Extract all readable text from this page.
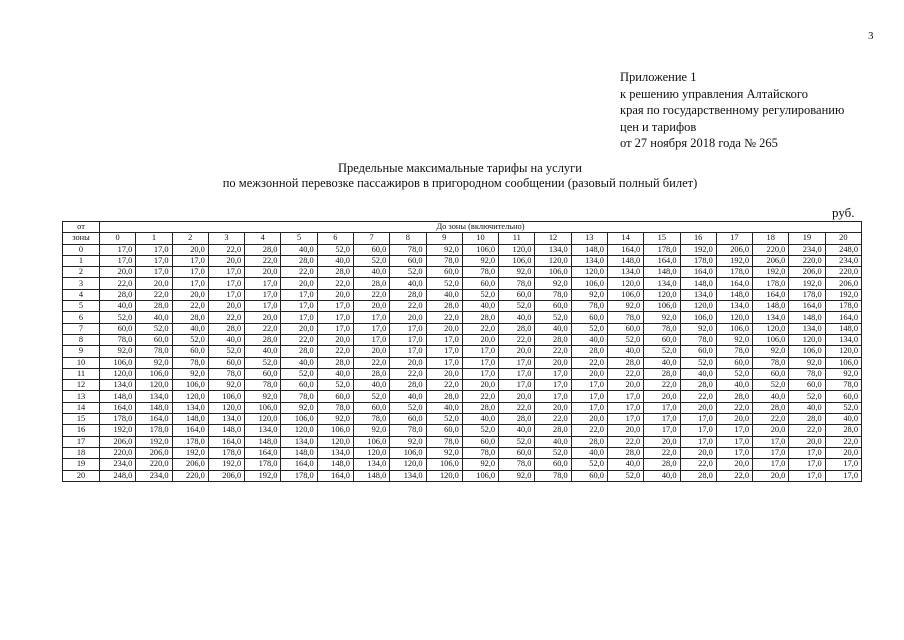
3
Приложение 1
к решению управления Алтайского
края по государственному регулированию
цен и тарифов
от 27 ноября 2018 года № 265
Предельные максимальные тарифы на услуги
по межзонной перевозке пассажиров в пригородном сообщении (разовый полный билет)
руб.
от	До зоны (включительно)																				
зоны	0	1	2	3	4	5	6	7	8	9	10	11	12	13	14	15	16	17	18	19	20
0	17,0	17,0	20,0	22,0	28,0	40,0	52,0	60,0	78,0	92,0	106,0	120,0	134,0	148,0	164,0	178,0	192,0	206,0	220,0	234,0	248,0
1	17,0	17,0	17,0	20,0	22,0	28,0	40,0	52,0	60,0	78,0	92,0	106,0	120,0	134,0	148,0	164,0	178,0	192,0	206,0	220,0	234,0
2	20,0	17,0	17,0	17,0	20,0	22,0	28,0	40,0	52,0	60,0	78,0	92,0	106,0	120,0	134,0	148,0	164,0	178,0	192,0	206,0	220,0
3	22,0	20,0	17,0	17,0	17,0	20,0	22,0	28,0	40,0	52,0	60,0	78,0	92,0	106,0	120,0	134,0	148,0	164,0	178,0	192,0	206,0
4	28,0	22,0	20,0	17,0	17,0	17,0	20,0	22,0	28,0	40,0	52,0	60,0	78,0	92,0	106,0	120,0	134,0	148,0	164,0	178,0	192,0
5	40,0	28,0	22,0	20,0	17,0	17,0	17,0	20,0	22,0	28,0	40,0	52,0	60,0	78,0	92,0	106,0	120,0	134,0	148,0	164,0	178,0
6	52,0	40,0	28,0	22,0	20,0	17,0	17,0	17,0	20,0	22,0	28,0	40,0	52,0	60,0	78,0	92,0	106,0	120,0	134,0	148,0	164,0
7	60,0	52,0	40,0	28,0	22,0	20,0	17,0	17,0	17,0	20,0	22,0	28,0	40,0	52,0	60,0	78,0	92,0	106,0	120,0	134,0	148,0
8	78,0	60,0	52,0	40,0	28,0	22,0	20,0	17,0	17,0	17,0	20,0	22,0	28,0	40,0	52,0	60,0	78,0	92,0	106,0	120,0	134,0
9	92,0	78,0	60,0	52,0	40,0	28,0	22,0	20,0	17,0	17,0	17,0	20,0	22,0	28,0	40,0	52,0	60,0	78,0	92,0	106,0	120,0
10	106,0	92,0	78,0	60,0	52,0	40,0	28,0	22,0	20,0	17,0	17,0	17,0	20,0	22,0	28,0	40,0	52,0	60,0	78,0	92,0	106,0
11	120,0	106,0	92,0	78,0	60,0	52,0	40,0	28,0	22,0	20,0	17,0	17,0	17,0	20,0	22,0	28,0	40,0	52,0	60,0	78,0	92,0
12	134,0	120,0	106,0	92,0	78,0	60,0	52,0	40,0	28,0	22,0	20,0	17,0	17,0	17,0	20,0	22,0	28,0	40,0	52,0	60,0	78,0
13	148,0	134,0	120,0	106,0	92,0	78,0	60,0	52,0	40,0	28,0	22,0	20,0	17,0	17,0	17,0	20,0	22,0	28,0	40,0	52,0	60,0
14	164,0	148,0	134,0	120,0	106,0	92,0	78,0	60,0	52,0	40,0	28,0	22,0	20,0	17,0	17,0	17,0	20,0	22,0	28,0	40,0	52,0
15	178,0	164,0	148,0	134,0	120,0	106,0	92,0	78,0	60,0	52,0	40,0	28,0	22,0	20,0	17,0	17,0	17,0	20,0	22,0	28,0	40,0
16	192,0	178,0	164,0	148,0	134,0	120,0	106,0	92,0	78,0	60,0	52,0	40,0	28,0	22,0	20,0	17,0	17,0	17,0	20,0	22,0	28,0
17	206,0	192,0	178,0	164,0	148,0	134,0	120,0	106,0	92,0	78,0	60,0	52,0	40,0	28,0	22,0	20,0	17,0	17,0	17,0	20,0	22,0
18	220,0	206,0	192,0	178,0	164,0	148,0	134,0	120,0	106,0	92,0	78,0	60,0	52,0	40,0	28,0	22,0	20,0	17,0	17,0	17,0	20,0
19	234,0	220,0	206,0	192,0	178,0	164,0	148,0	134,0	120,0	106,0	92,0	78,0	60,0	52,0	40,0	28,0	22,0	20,0	17,0	17,0	17,0
20	248,0	234,0	220,0	206,0	192,0	178,0	164,0	148,0	134,0	120,0	106,0	92,0	78,0	60,0	52,0	40,0	28,0	22,0	20,0	17,0	17,0
